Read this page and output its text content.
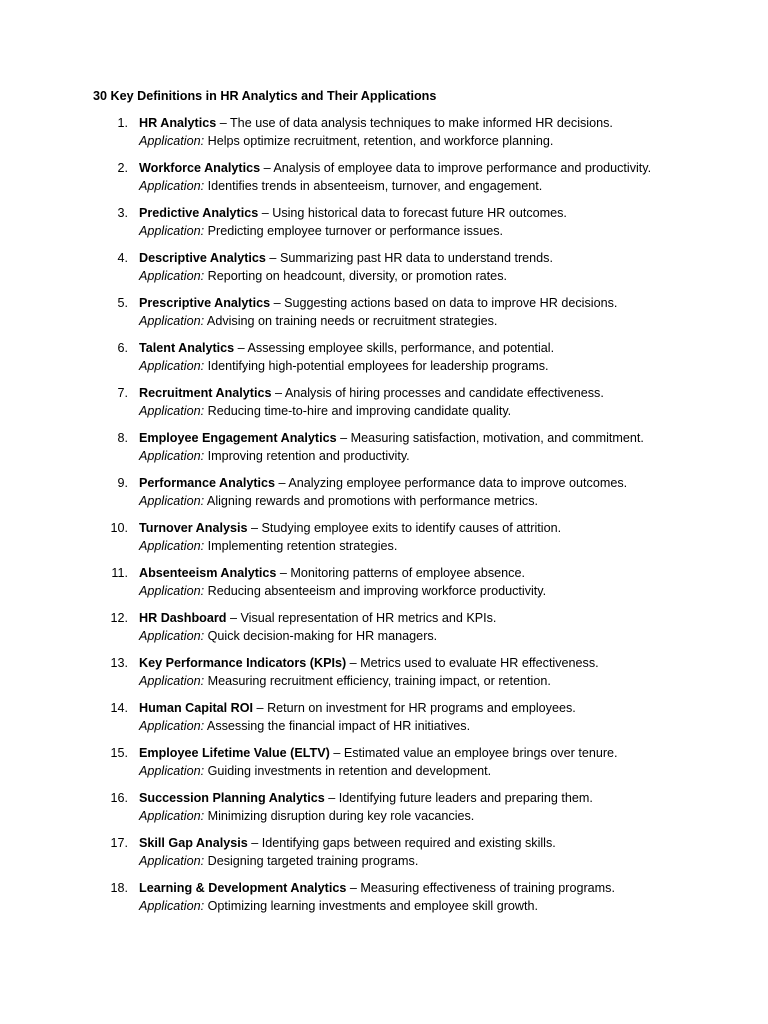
30 Key Definitions in HR Analytics and Their Applications
1. HR Analytics – The use of data analysis techniques to make informed HR decisions.
Application: Helps optimize recruitment, retention, and workforce planning.
2. Workforce Analytics – Analysis of employee data to improve performance and productivity.
Application: Identifies trends in absenteeism, turnover, and engagement.
3. Predictive Analytics – Using historical data to forecast future HR outcomes.
Application: Predicting employee turnover or performance issues.
4. Descriptive Analytics – Summarizing past HR data to understand trends.
Application: Reporting on headcount, diversity, or promotion rates.
5. Prescriptive Analytics – Suggesting actions based on data to improve HR decisions.
Application: Advising on training needs or recruitment strategies.
6. Talent Analytics – Assessing employee skills, performance, and potential.
Application: Identifying high-potential employees for leadership programs.
7. Recruitment Analytics – Analysis of hiring processes and candidate effectiveness.
Application: Reducing time-to-hire and improving candidate quality.
8. Employee Engagement Analytics – Measuring satisfaction, motivation, and commitment.
Application: Improving retention and productivity.
9. Performance Analytics – Analyzing employee performance data to improve outcomes.
Application: Aligning rewards and promotions with performance metrics.
10. Turnover Analysis – Studying employee exits to identify causes of attrition.
Application: Implementing retention strategies.
11. Absenteeism Analytics – Monitoring patterns of employee absence.
Application: Reducing absenteeism and improving workforce productivity.
12. HR Dashboard – Visual representation of HR metrics and KPIs.
Application: Quick decision-making for HR managers.
13. Key Performance Indicators (KPIs) – Metrics used to evaluate HR effectiveness.
Application: Measuring recruitment efficiency, training impact, or retention.
14. Human Capital ROI – Return on investment for HR programs and employees.
Application: Assessing the financial impact of HR initiatives.
15. Employee Lifetime Value (ELTV) – Estimated value an employee brings over tenure.
Application: Guiding investments in retention and development.
16. Succession Planning Analytics – Identifying future leaders and preparing them.
Application: Minimizing disruption during key role vacancies.
17. Skill Gap Analysis – Identifying gaps between required and existing skills.
Application: Designing targeted training programs.
18. Learning & Development Analytics – Measuring effectiveness of training programs.
Application: Optimizing learning investments and employee skill growth.
